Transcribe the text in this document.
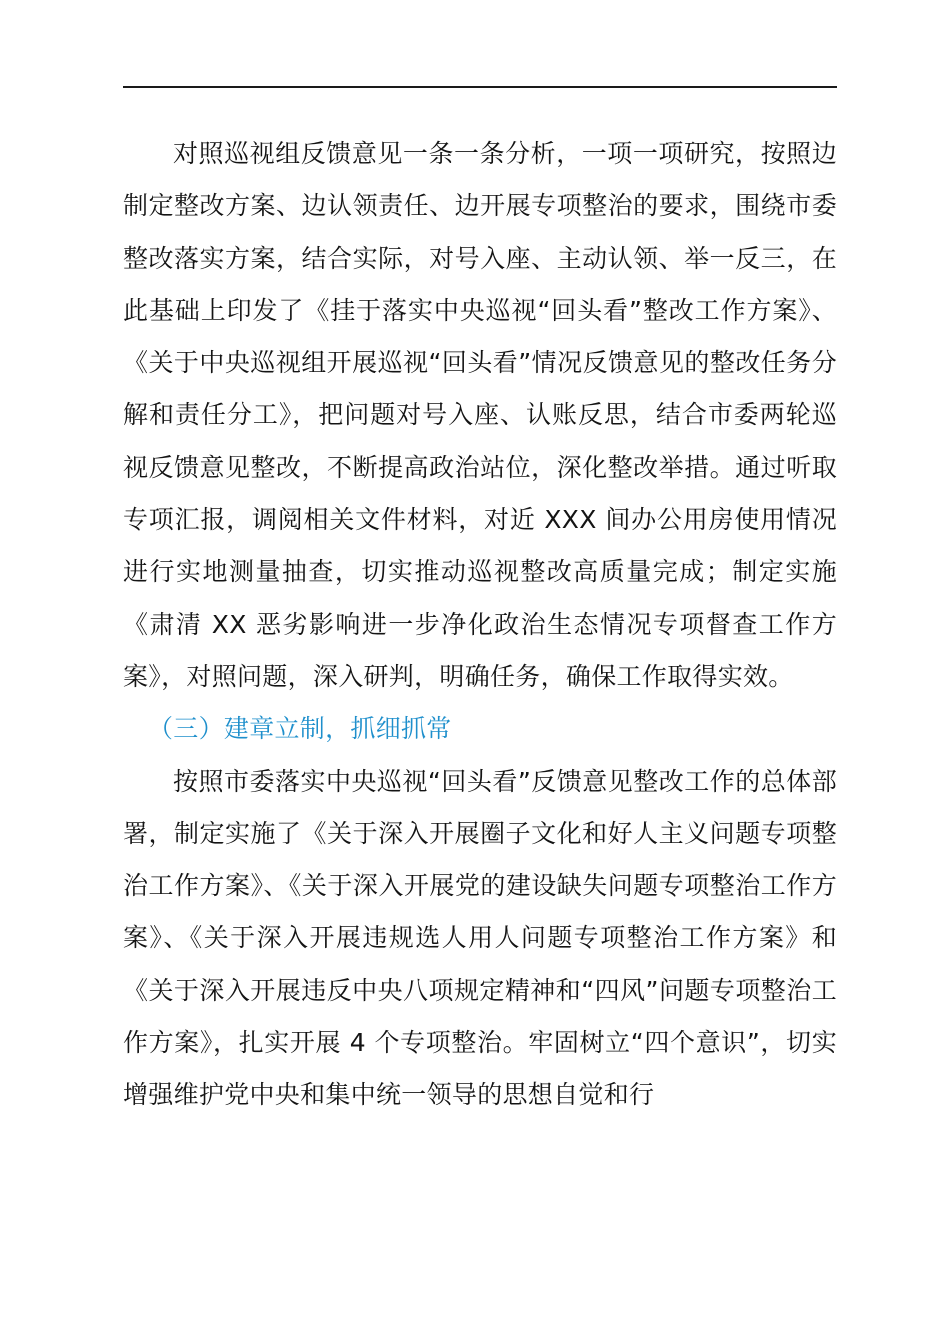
对照巡视组反馈意见一条一条分析，一项一项研究，按照边制定整改方案、边认领责任、边开展专项整治的要求，围绕市委整改落实方案，结合实际，对号入座、主动认领、举一反三，在此基础上印发了《挂于落实中央巡视“回头看”整改工作方案》、《关于中央巡视组开展巡视“回头看”情况反馈意见的整改任务分解和责任分工》，把问题对号入座、认账反思，结合市委两轮巡视反馈意见整改，不断提高政治站位，深化整改举措。通过听取专项汇报，调阅相关文件材料，对近 XXX 间办公用房使用情况进行实地测量抽查，切实推动巡视整改高质量完成；制定实施《肃清 XX 恶劣影响进一步净化政治生态情况专项督查工作方案》，对照问题，深入研判，明确任务，确保工作取得实效。

（三）建章立制，抓细抓常

按照市委落实中央巡视“回头看”反馈意见整改工作的总体部署，制定实施了《关于深入开展圈子文化和好人主义问题专项整治工作方案》、《关于深入开展党的建设缺失问题专项整治工作方案》、《关于深入开展违规选人用人问题专项整治工作方案》和《关于深入开展违反中央八项规定精神和“四风”问题专项整治工作方案》，扎实开展 4 个专项整治。牢固树立“四个意识”，切实增强维护党中央和集中统一领导的思想自觉和行
